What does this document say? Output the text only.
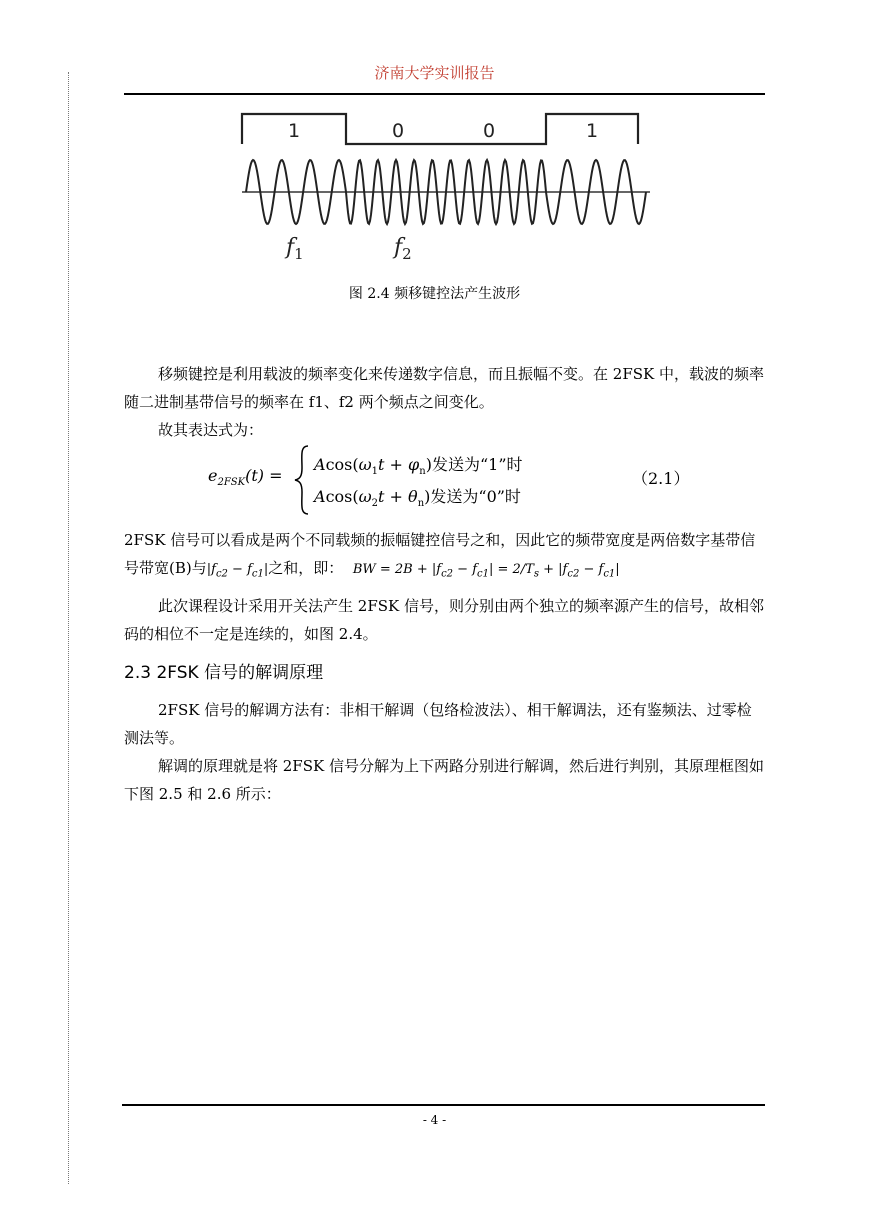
济南大学实训报告
1	0	0	1
$f_1$	$f_2$
图 2.4 频移键控法产生波形
移频键控是利用载波的频率变化来传递数字信息，而且振幅不变。在 2FSK 中，载波的频率随二进制基带信号的频率在 f1、f2 两个频点之间变化。
故其表达式为：
$e_{2FSK}(t)$ =
$Acos(\omega_1t + \varphi_n)$发送为“1”时
$Acos(\omega_2t + \theta_n)$发送为“0”时
（2.1）
2FSK 信号可以看成是两个不同载频的振幅键控信号之和，因此它的频带宽度是两倍数字基带信号带宽(B)与$|f_{c2} - f_{c1}|$之和，即： BW = $2B + |f_{c2} - f_{c1}| = 2/T_s + |f_{c2} - f_{c1}|$
此次课程设计采用开关法产生 2FSK 信号，则分别由两个独立的频率源产生的信号，故相邻码的相位不一定是连续的，如图 2.4。
2.3 2FSK 信号的解调原理
2FSK 信号的解调方法有：非相干解调（包络检波法）、相干解调法，还有鉴频法、过零检测法等。
解调的原理就是将 2FSK 信号分解为上下两路分别进行解调，然后进行判别，其原理框图如下图 2.5 和 2.6 所示：
- 4 -
